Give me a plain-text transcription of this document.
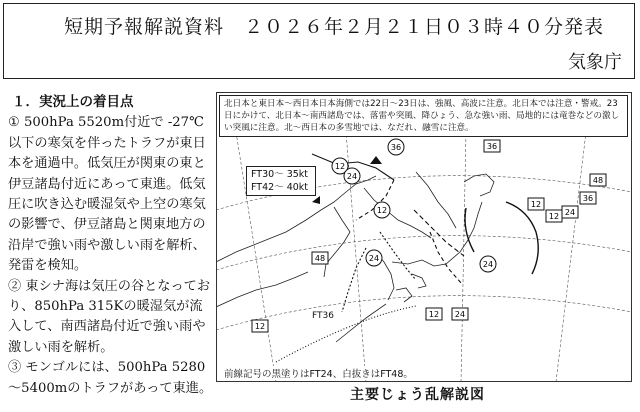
短期予報解説資料　２０２６年２月２１日０３時４０分発表
気象庁
１．実況上の着目点

① 500hPa 5520m付近で -27℃以下の寒気を伴ったトラフが東日本を通過中。低気圧が関東の東と伊豆諸島付近にあって東進。低気圧に吹き込む暖湿気や上空の寒気の影響で、伊豆諸島と関東地方の沿岸で強い雨や激しい雨を解析、発雷を検知。

② 東シナ海は気圧の谷となっており、850hPa 315Kの暖湿気が流入して、南西諸島付近で強い雨や激しい雨を解析。

③ モンゴルには、500hPa 5280～5400mのトラフがあって東進。

FT36
36
12
24
12
24
24
36
48
48
12
12 24
36
12 24
12
北日本と東日本～西日本日本海側では22日～23日は、強風、高波に注意。北日本では注意・警戒。23日にかけて、北日本～南西諸島では、落雷や突風、降ひょう、急な強い雨、局地的には竜巻などの激しい突風に注意。北～西日本の多雪地では、なだれ、融雪に注意。
FT30～ 35kt
FT42～ 40kt
前線記号の黒塗りはFT24、白抜きはFT48。
主要じょう乱解説図
